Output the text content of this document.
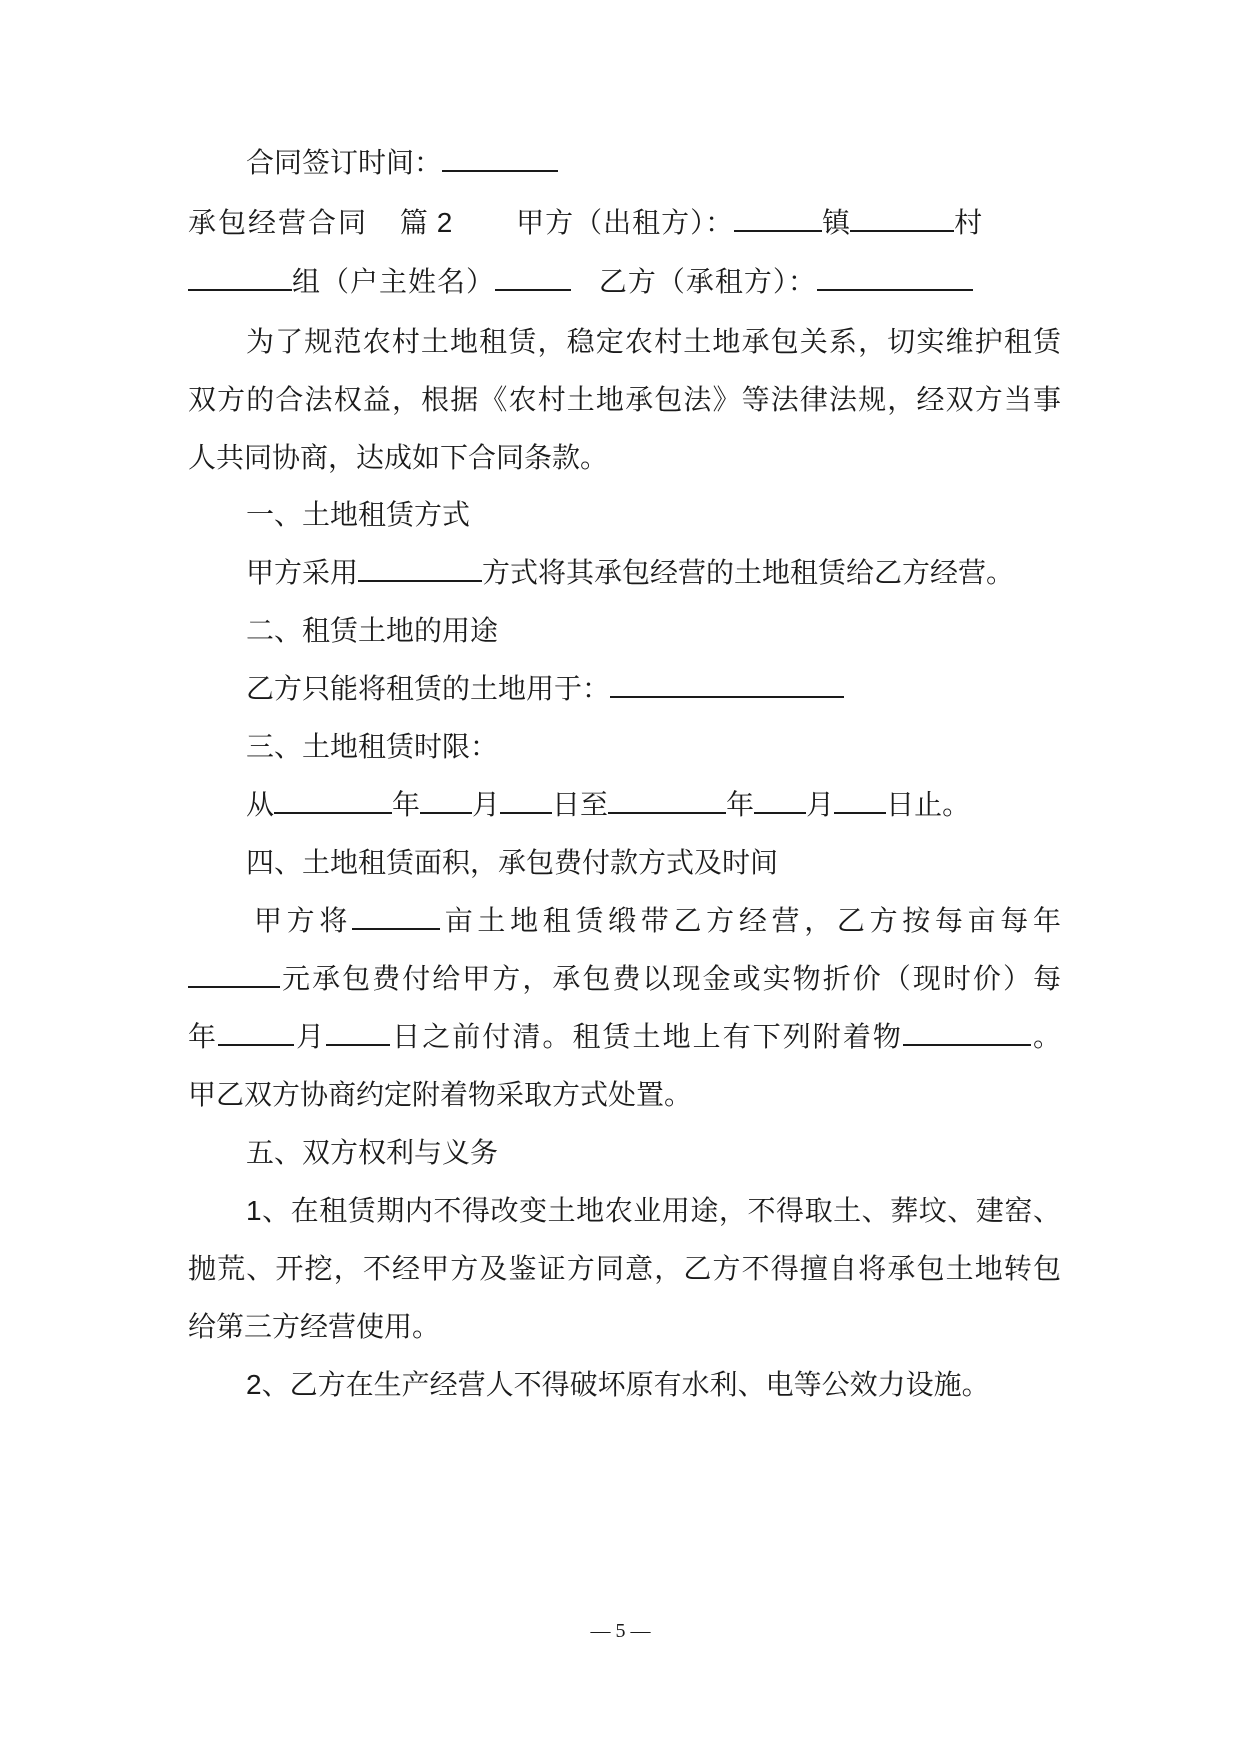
合同签订时间：
承包经营合同 篇 2 甲方（出租方）：	镇	村
组（户主姓名）	乙方（承租方）：
为了规范农村土地租赁，稳定农村土地承包关系，切实维护租赁
双方的合法权益，根据《农村土地承包法》等法律法规，经双方当事
人共同协商，达成如下合同条款。
一、土地租赁方式
甲方采用	方式将其承包经营的土地租赁给乙方经营。
二、租赁土地的用途
乙方只能将租赁的土地用于：
三、土地租赁时限：
从	年 月 日至	年 月 日止。
四、土地租赁面积，承包费付款方式及时间
甲方将	亩土地租赁缎带乙方经营，乙方按每亩每年
元承包费付给甲方，承包费以现金或实物折价（现时价）每
年	月 日之前付清。租赁土地上有下列附着物	。
甲乙双方协商约定附着物采取方式处置。
五、双方权利与义务
1、在租赁期内不得改变土地农业用途，不得取土、葬坟、建窑、
抛荒、开挖，不经甲方及鉴证方同意，乙方不得擅自将承包土地转包
给第三方经营使用。
2、乙方在生产经营人不得破坏原有水利、电等公效力设施。
— 5 —
